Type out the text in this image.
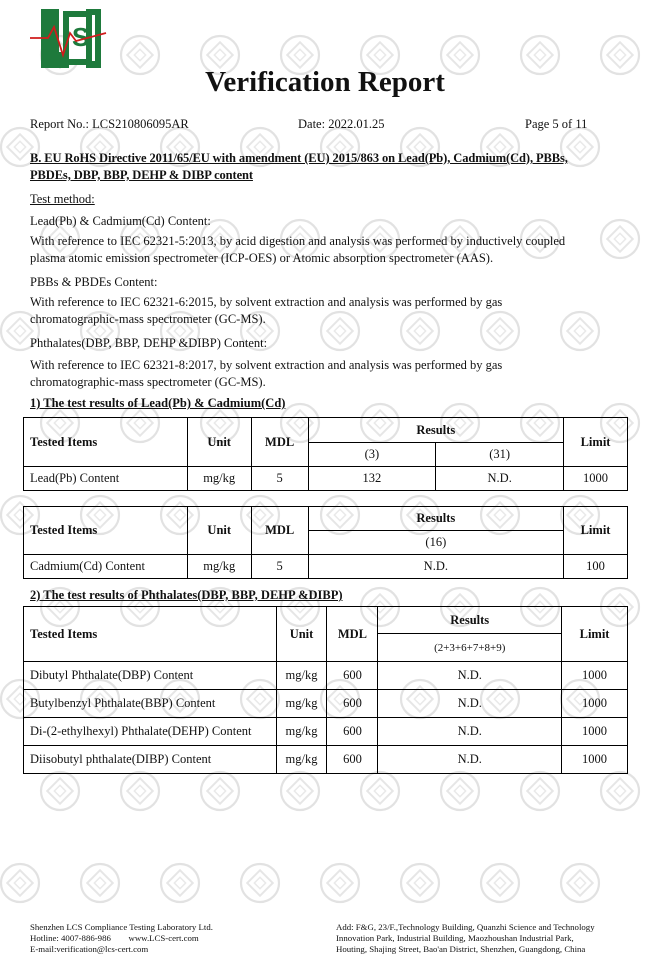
S
Verification Report
Report No.: LCS210806095AR	Date: 2022.01.25	Page 5 of 11
B. EU RoHS Directive 2011/65/EU with amendment (EU) 2015/863 on Lead(Pb), Cadmium(Cd), PBBs,
PBDEs, DBP, BBP, DEHP & DIBP content
Test method:
Lead(Pb) & Cadmium(Cd) Content:
With reference to IEC 62321-5:2013, by acid digestion and analysis was performed by inductively coupled
plasma atomic emission spectrometer (ICP-OES) or Atomic absorption spectrometer (AAS).
PBBs & PBDEs Content:
With reference to IEC 62321-6:2015, by solvent extraction and analysis was performed by gas
chromatographic-mass spectrometer (GC-MS).
Phthalates(DBP, BBP, DEHP &DIBP) Content:
With reference to IEC 62321-8:2017, by solvent extraction and analysis was performed by gas
chromatographic-mass spectrometer (GC-MS).
1) The test results of Lead(Pb) & Cadmium(Cd)
Tested Items	Unit	MDL	Results		Limit
			(3)	(31)	
Lead(Pb) Content	mg/kg	5	132	N.D.	1000
Tested Items	Unit	MDL	Results	Limit
			(16)	
Cadmium(Cd) Content	mg/kg	5	N.D.	100
2) The test results of Phthalates(DBP, BBP, DEHP &DIBP)
Tested Items	Unit	MDL	Results	Limit
			(2+3+6+7+8+9)	
Dibutyl Phthalate(DBP) Content	mg/kg	600	N.D.	1000
Butylbenzyl Phthalate(BBP) Content	mg/kg	600	N.D.	1000
Di-(2-ethylhexyl) Phthalate(DEHP) Content	mg/kg	600	N.D.	1000
Diisobutyl phthalate(DIBP) Content	mg/kg	600	N.D.	1000
Shenzhen LCS Compliance Testing Laboratory Ltd.
Hotline: 4007-886-986        www.LCS-cert.com
E-mail:verification@lcs-cert.com
Add: F&G, 23/F.,Technology Building, Quanzhi Science and Technology
Innovation Park, Industrial Building, Maozhoushan Industrial Park,
Houting, Shajing Street, Bao'an District, Shenzhen, Guangdong, China
